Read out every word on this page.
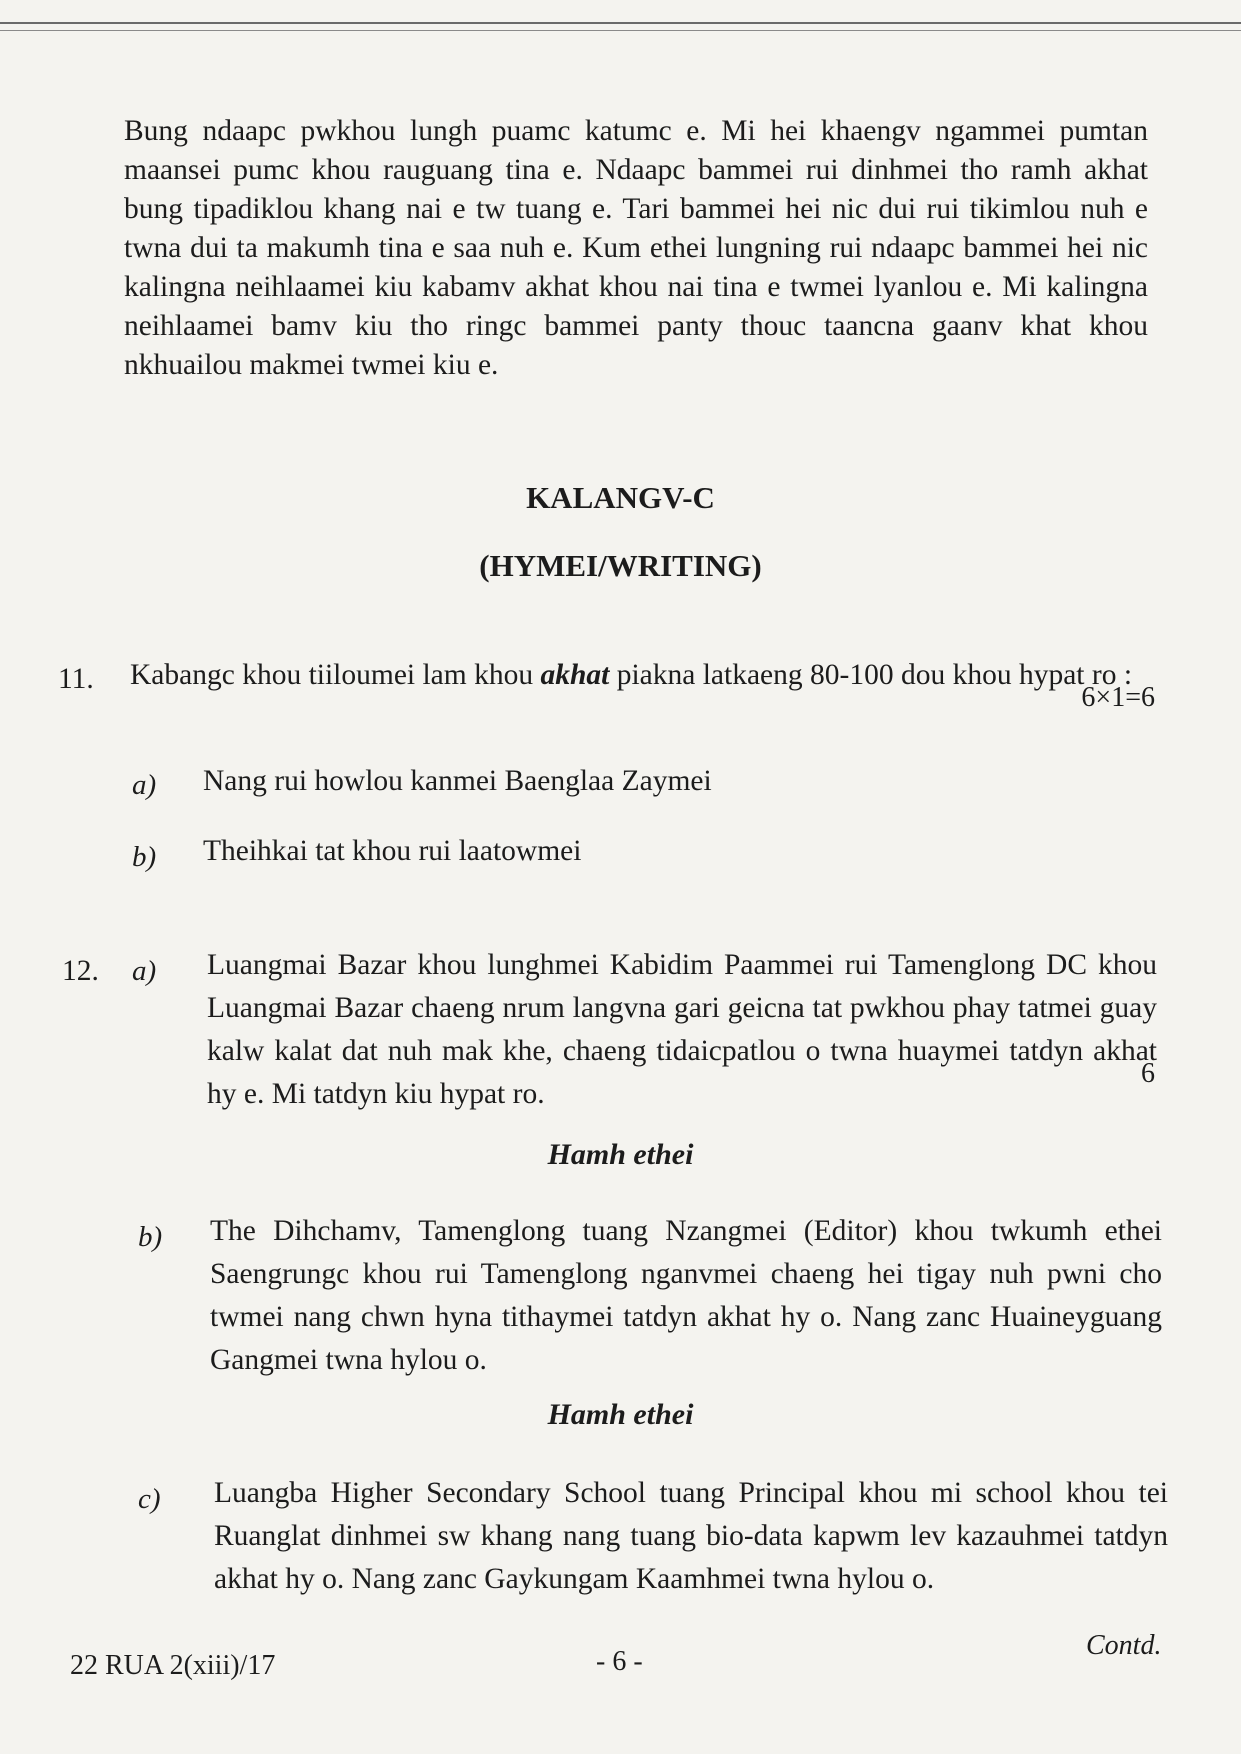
Bung ndaapc pwkhou lungh puamc katumc e. Mi hei khaengv ngammei pumtan maansei pumc khou rauguang tina e. Ndaapc bammei rui dinhmei tho ramh akhat bung tipadiklou khang nai e tw tuang e. Tari bammei hei nic dui rui tikimlou nuh e twna dui ta makumh tina e saa nuh e. Kum ethei lungning rui ndaapc bammei hei nic kalingna neihlaamei kiu kabamv akhat khou nai tina e twmei lyanlou e. Mi kalingna neihlaamei bamv kiu tho ringc bammei panty thouc taancna gaanv khat khou nkhuailou makmei twmei kiu e.

KALANGV-C
(HYMEI/WRITING)
11. Kabangc khou tiiloumei lam khou akhat piakna latkaeng 80-100 dou khou hypat ro :

6×1=6
a) Nang rui howlou kanmei Baenglaa Zaymei
b) Theihkai tat khou rui laatowmei
12. a) Luangmai Bazar khou lunghmei Kabidim Paammei rui Tamenglong DC khou Luangmai Bazar chaeng nrum langvna gari geicna tat pwkhou phay tatmei guay kalw kalat dat nuh mak khe, chaeng tidaicpatlou o twna huaymei tatdyn akhat hy e. Mi tatdyn kiu hypat ro.

6
Hamh ethei
b) The Dihchamv, Tamenglong tuang Nzangmei (Editor) khou twkumh ethei Saengrungc khou rui Tamenglong nganvmei chaeng hei tigay nuh pwni cho twmei nang chwn hyna tithaymei tatdyn akhat hy o. Nang zanc Huaineyguang Gangmei twna hylou o.

Hamh ethei
c) Luangba Higher Secondary School tuang Principal khou mi school khou tei Ruanglat dinhmei sw khang nang tuang bio-data kapwm lev kazauhmei tatdyn akhat hy o. Nang zanc Gaykungam Kaamhmei twna hylou o.

22 RUA 2(xiii)/17	- 6 -
Contd.
